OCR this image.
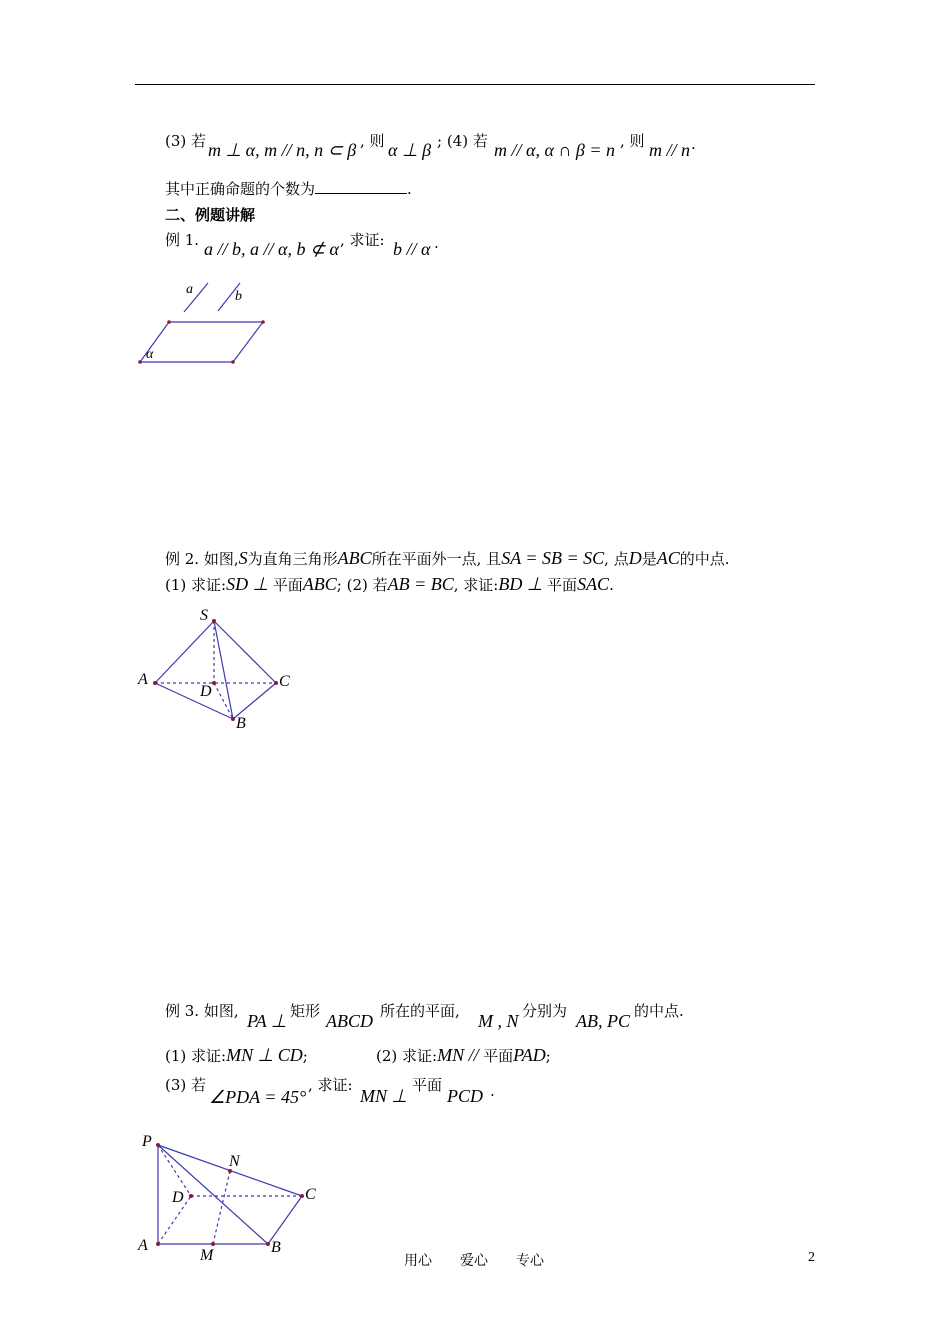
(3) 若 m ⊥ α, m // n, n ⊂ β , 则 α ⊥ β ; (4) 若 m // α, α ∩ β = n , 则 m // n .
其中正确命题的个数为	.
二、例题讲解
例 1. a // b, a // α, b ⊄ α , 求证: b // α .
a	b
α
例 2. 如图,S为直角三角形ABC所在平面外一点, 且SA = SB = SC, 点D是AC的中点.
(1) 求证:SD ⊥ 平面ABC; (2) 若AB = BC, 求证:BD ⊥ 平面SAC.
S
A
D
C
B
例 3. 如图, PA ⊥ 矩形 ABCD 所在的平面, M , N 分别为 AB, PC 的中点.
(1) 求证:MN ⊥ CD;	(2) 求证:MN // 平面PAD;
(3) 若
∠PDA = 45°
, 求证:
MN ⊥
平面
PCD .
P
N
D	C
A
M	B
用心　　爱心　　专心	2
